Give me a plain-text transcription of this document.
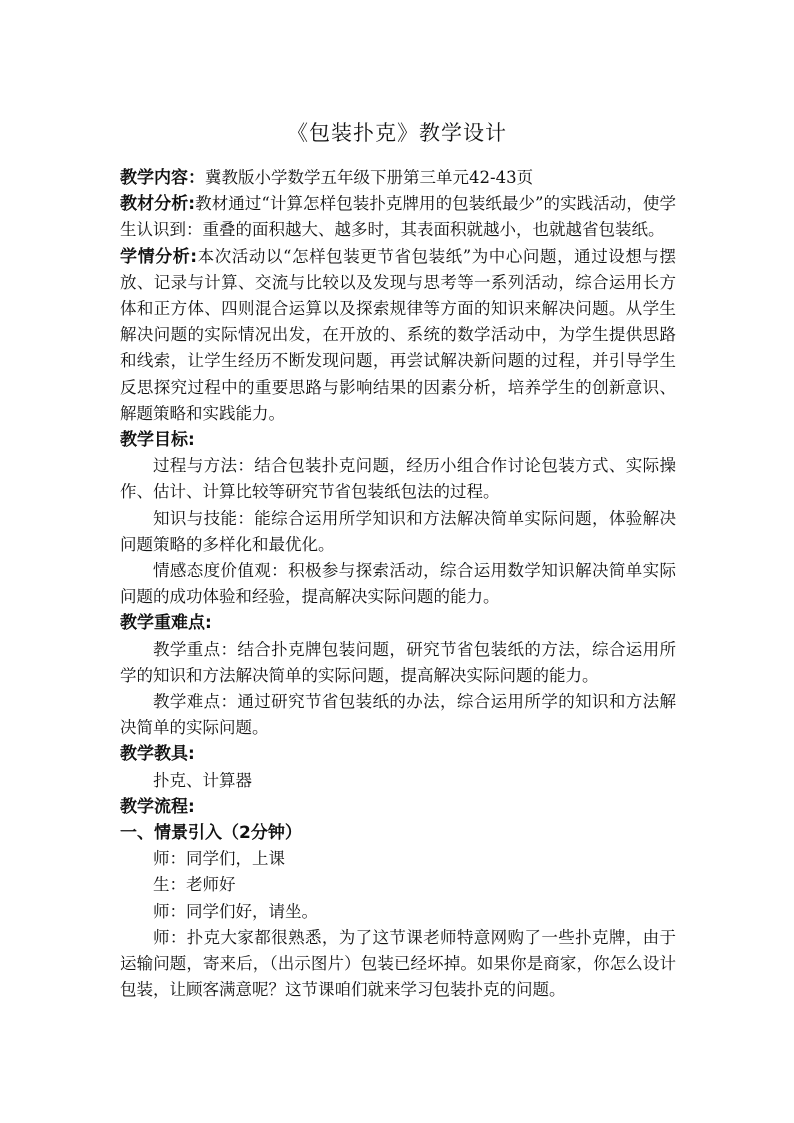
《包装扑克》教学设计

教学内容：冀教版小学数学五年级下册第三单元42-43页

教材分析:教材通过“计算怎样包装扑克牌用的包装纸最少”的实践活动，使学生认识到：重叠的面积越大、越多时，其表面积就越小，也就越省包装纸。

学情分析:本次活动以“怎样包装更节省包装纸”为中心问题，通过设想与摆放、记录与计算、交流与比较以及发现与思考等一系列活动，综合运用长方体和正方体、四则混合运算以及探索规律等方面的知识来解决问题。从学生解决问题的实际情况出发，在开放的、系统的数学活动中，为学生提供思路和线索，让学生经历不断发现问题，再尝试解决新问题的过程，并引导学生反思探究过程中的重要思路与影响结果的因素分析，培养学生的创新意识、解题策略和实践能力。

教学目标:

过程与方法：结合包装扑克问题，经历小组合作讨论包装方式、实际操作、估计、计算比较等研究节省包装纸包法的过程。

知识与技能：能综合运用所学知识和方法解决简单实际问题，体验解决问题策略的多样化和最优化。

情感态度价值观：积极参与探索活动，综合运用数学知识解决简单实际问题的成功体验和经验，提高解决实际问题的能力。

教学重难点:

教学重点：结合扑克牌包装问题，研究节省包装纸的方法，综合运用所学的知识和方法解决简单的实际问题，提高解决实际问题的能力。

教学难点：通过研究节省包装纸的办法，综合运用所学的知识和方法解决简单的实际问题。

教学教具:

扑克、计算器

教学流程:

一、情景引入（2分钟）

师：同学们，上课

生：老师好

师：同学们好，请坐。

师：扑克大家都很熟悉，为了这节课老师特意网购了一些扑克牌，由于运输问题，寄来后，（出示图片）包装已经坏掉。如果你是商家，你怎么设计包装，让顾客满意呢？这节课咱们就来学习包装扑克的问题。
